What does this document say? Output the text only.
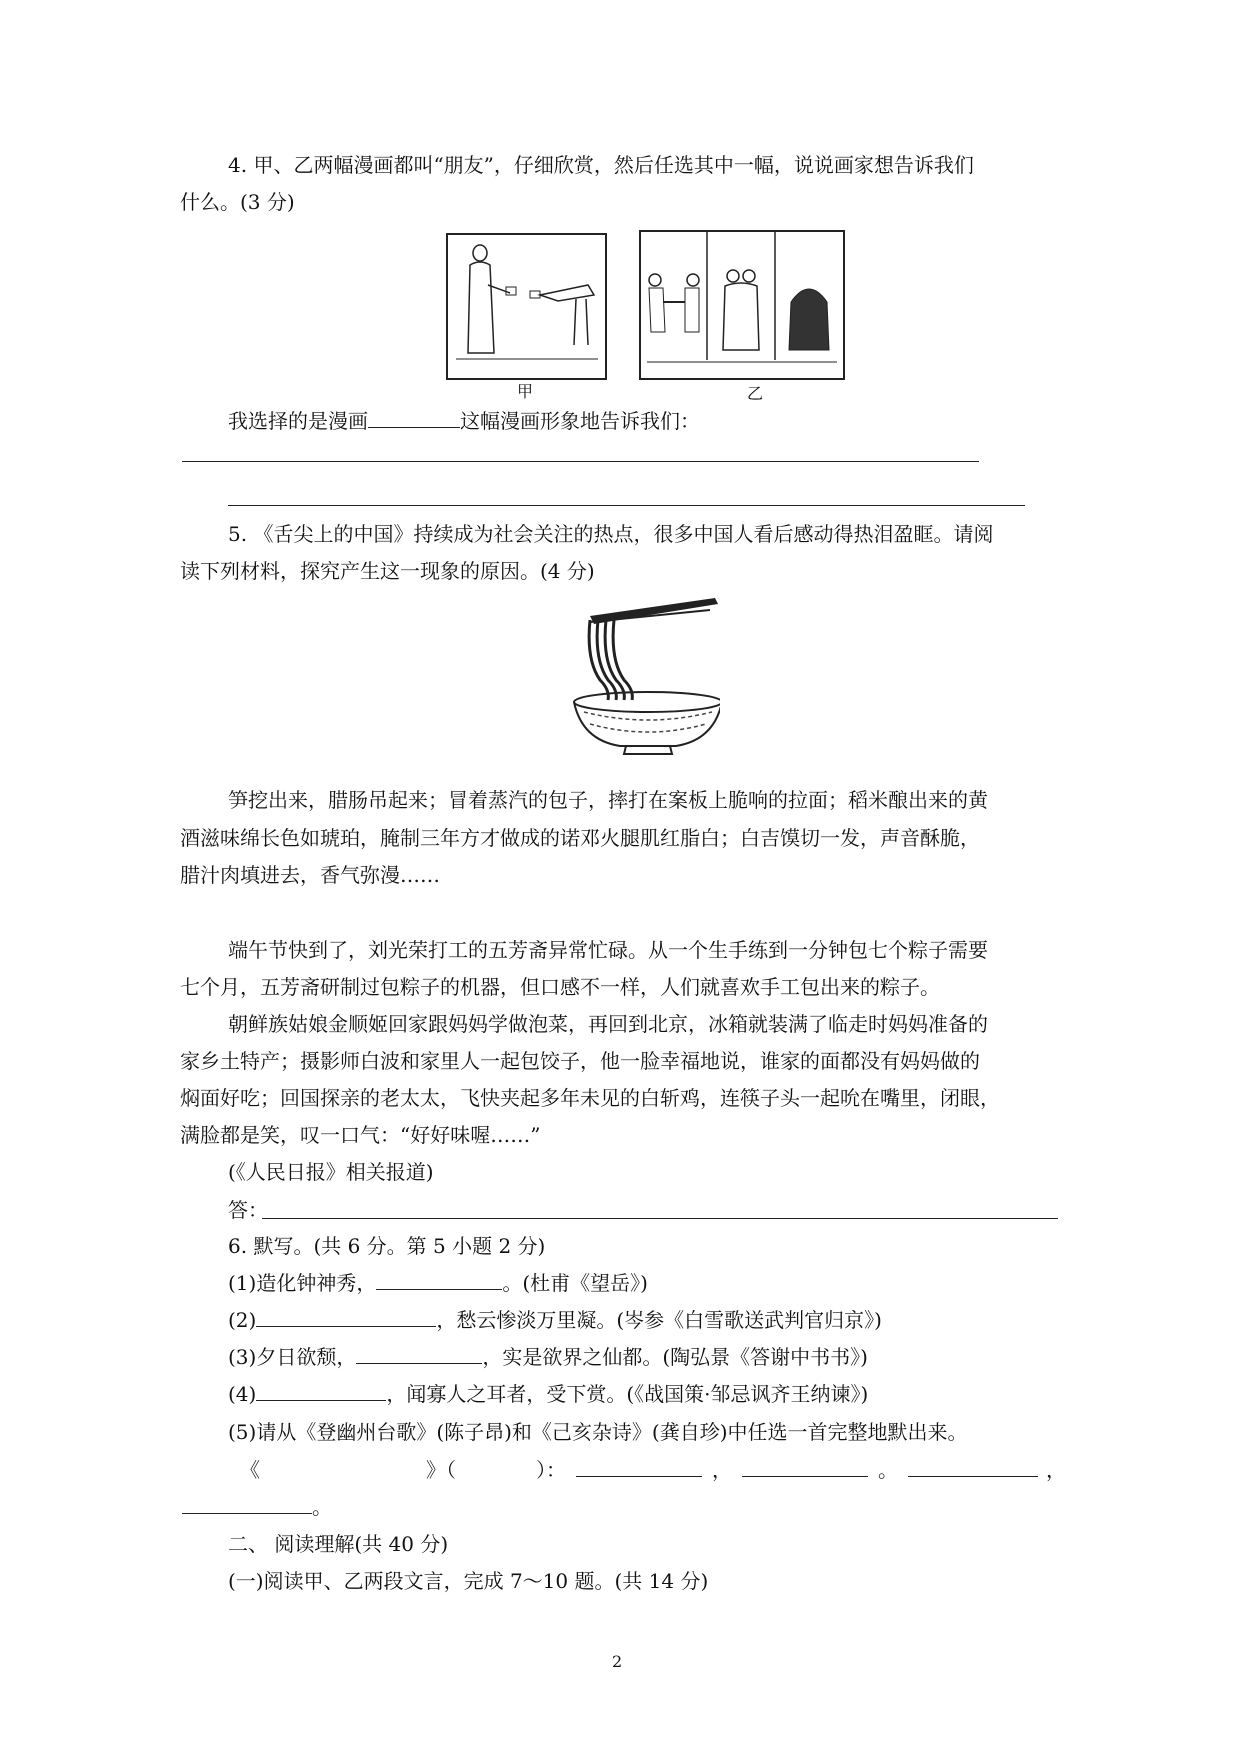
4. 甲、乙两幅漫画都叫“朋友”，仔细欣赏，然后任选其中一幅，说说画家想告诉我们
什么。(3 分)
甲	乙
我选择的是漫画	这幅漫画形象地告诉我们：
5. 《舌尖上的中国》持续成为社会关注的热点，很多中国人看后感动得热泪盈眶。请阅
读下列材料，探究产生这一现象的原因。(4 分)
笋挖出来，腊肠吊起来；冒着蒸汽的包子，摔打在案板上脆响的拉面；稻米酿出来的黄
酒滋味绵长色如琥珀，腌制三年方才做成的诺邓火腿肌红脂白；白吉馍切一发，声音酥脆，
腊汁肉填进去，香气弥漫……
端午节快到了，刘光荣打工的五芳斋异常忙碌。从一个生手练到一分钟包七个粽子需要
七个月，五芳斋研制过包粽子的机器，但口感不一样，人们就喜欢手工包出来的粽子。
朝鲜族姑娘金顺姬回家跟妈妈学做泡菜，再回到北京，冰箱就装满了临走时妈妈准备的
家乡土特产；摄影师白波和家里人一起包饺子，他一脸幸福地说，谁家的面都没有妈妈做的
焖面好吃；回国探亲的老太太，飞快夹起多年未见的白斩鸡，连筷子头一起吮在嘴里，闭眼，
满脸都是笑，叹一口气：“好好味喔……”
(《人民日报》相关报道)
答：
6. 默写。(共 6 分。第 5 小题 2 分)
(1)造化钟神秀，	。(杜甫《望岳》)
(2)	，愁云惨淡万里凝。(岑参《白雪歌送武判官归京》)
(3)夕日欲颓，	，实是欲界之仙都。(陶弘景《答谢中书书》)
(4)	，闻寡人之耳者，受下赏。(《战国策·邹忌讽齐王纳谏》)
(5)请从《登幽州台歌》(陈子昂)和《己亥杂诗》(龚自珍)中任选一首完整地默出来。
《	》（	）：	，	。	，
。
二、 阅读理解(共 40 分)
(一)阅读甲、乙两段文言，完成 7～10 题。(共 14 分)
2
